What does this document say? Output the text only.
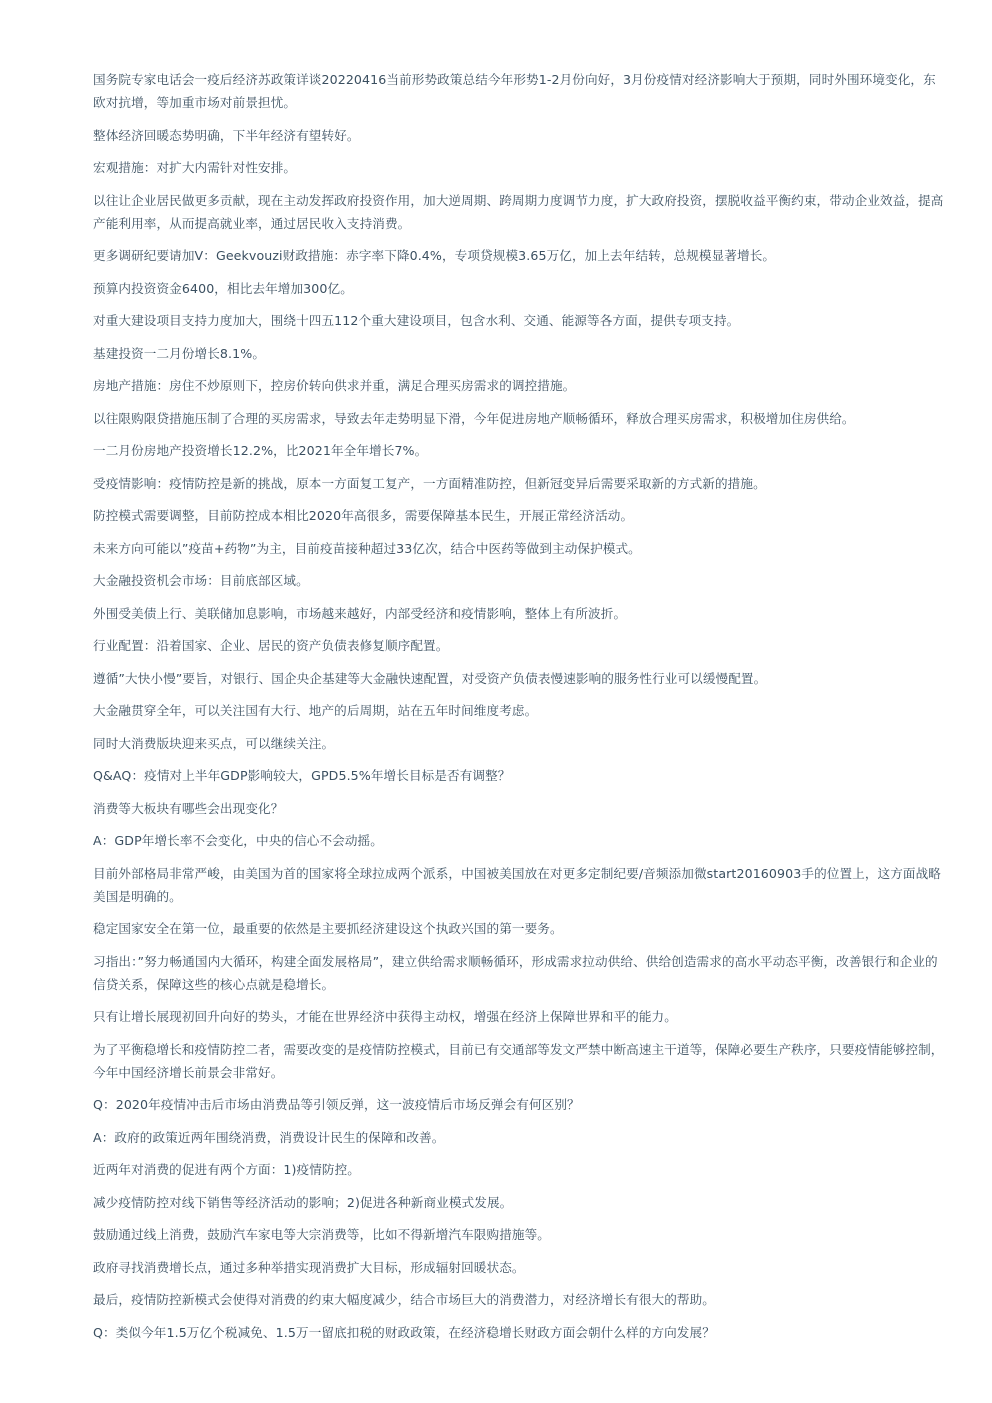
国务院专家电话会一疫后经济苏政策详谈20220416当前形势政策总结今年形势1-2月份向好，3月份疫情对经济影响大于预期，同时外围环境变化，东欧对抗增，等加重市场对前景担忧。

整体经济回暖态势明确，下半年经济有望转好。

宏观措施：对扩大内需针对性安排。

以往让企业居民做更多贡献，现在主动发挥政府投资作用，加大逆周期、跨周期力度调节力度，扩大政府投资，摆脱收益平衡约束，带动企业效益，提高产能利用率，从而提高就业率，通过居民收入支持消费。

更多调研纪要请加V：Geekvouzi财政措施：赤字率下降0.4%，专项贷规模3.65万亿，加上去年结转，总规模显著增长。

预算内投资资金6400，相比去年增加300亿。

对重大建设项目支持力度加大，围绕十四五112个重大建设项目，包含水利、交通、能源等各方面，提供专项支持。

基建投资一二月份增长8.1%。

房地产措施：房住不炒原则下，控房价转向供求并重，满足合理买房需求的调控措施。

以往限购限贷措施压制了合理的买房需求，导致去年走势明显下滑，今年促进房地产顺畅循环，释放合理买房需求，积极增加住房供给。

一二月份房地产投资增长12.2%，比2021年全年增长7%。

受疫情影响：疫情防控是新的挑战，原本一方面复工复产，一方面精准防控，但新冠变异后需要采取新的方式新的措施。

防控模式需要调整，目前防控成本相比2020年高很多，需要保障基本民生，开展正常经济活动。

未来方向可能以”疫苗+药物”为主，目前疫苗接种超过33亿次，结合中医药等做到主动保护模式。

大金融投资机会市场：目前底部区域。

外围受美债上行、美联储加息影响，市场越来越好，内部受经济和疫情影响，整体上有所波折。

行业配置：沿着国家、企业、居民的资产负债表修复顺序配置。

遵循”大快小慢”要旨，对银行、国企央企基建等大金融快速配置，对受资产负债表慢速影响的服务性行业可以缓慢配置。

大金融贯穿全年，可以关注国有大行、地产的后周期，站在五年时间维度考虑。

同时大消费版块迎来买点，可以继续关注。

Q&AQ：疫情对上半年GDP影响较大，GPD5.5%年增长目标是否有调整？

消费等大板块有哪些会出现变化？

A：GDP年增长率不会变化，中央的信心不会动摇。

目前外部格局非常严峻，由美国为首的国家将全球拉成两个派系，中国被美国放在对更多定制纪要/音频添加微start20160903手的位置上，这方面战略美国是明确的。

稳定国家安全在第一位，最重要的依然是主要抓经济建设这个执政兴国的第一要务。

习指出：”努力畅通国内大循环，构建全面发展格局”，建立供给需求顺畅循环，形成需求拉动供给、供给创造需求的高水平动态平衡，改善银行和企业的信贷关系，保障这些的核心点就是稳增长。

只有让增长展现初回升向好的势头，才能在世界经济中获得主动权，增强在经济上保障世界和平的能力。

为了平衡稳增长和疫情防控二者，需要改变的是疫情防控模式，目前已有交通部等发文严禁中断高速主干道等，保障必要生产秩序，只要疫情能够控制，今年中国经济增长前景会非常好。

Q：2020年疫情冲击后市场由消费品等引领反弹，这一波疫情后市场反弹会有何区别？

A：政府的政策近两年围绕消费，消费设计民生的保障和改善。

近两年对消费的促进有两个方面：1)疫情防控。

减少疫情防控对线下销售等经济活动的影响；2)促进各种新商业模式发展。

鼓励通过线上消费，鼓励汽车家电等大宗消费等，比如不得新增汽车限购措施等。

政府寻找消费增长点，通过多种举措实现消费扩大目标，形成辐射回暖状态。

最后，疫情防控新模式会使得对消费的约束大幅度减少，结合市场巨大的消费潜力，对经济增长有很大的帮助。

Q：类似今年1.5万亿个税减免、1.5万一留底扣税的财政政策，在经济稳增长财政方面会朝什么样的方向发展？
